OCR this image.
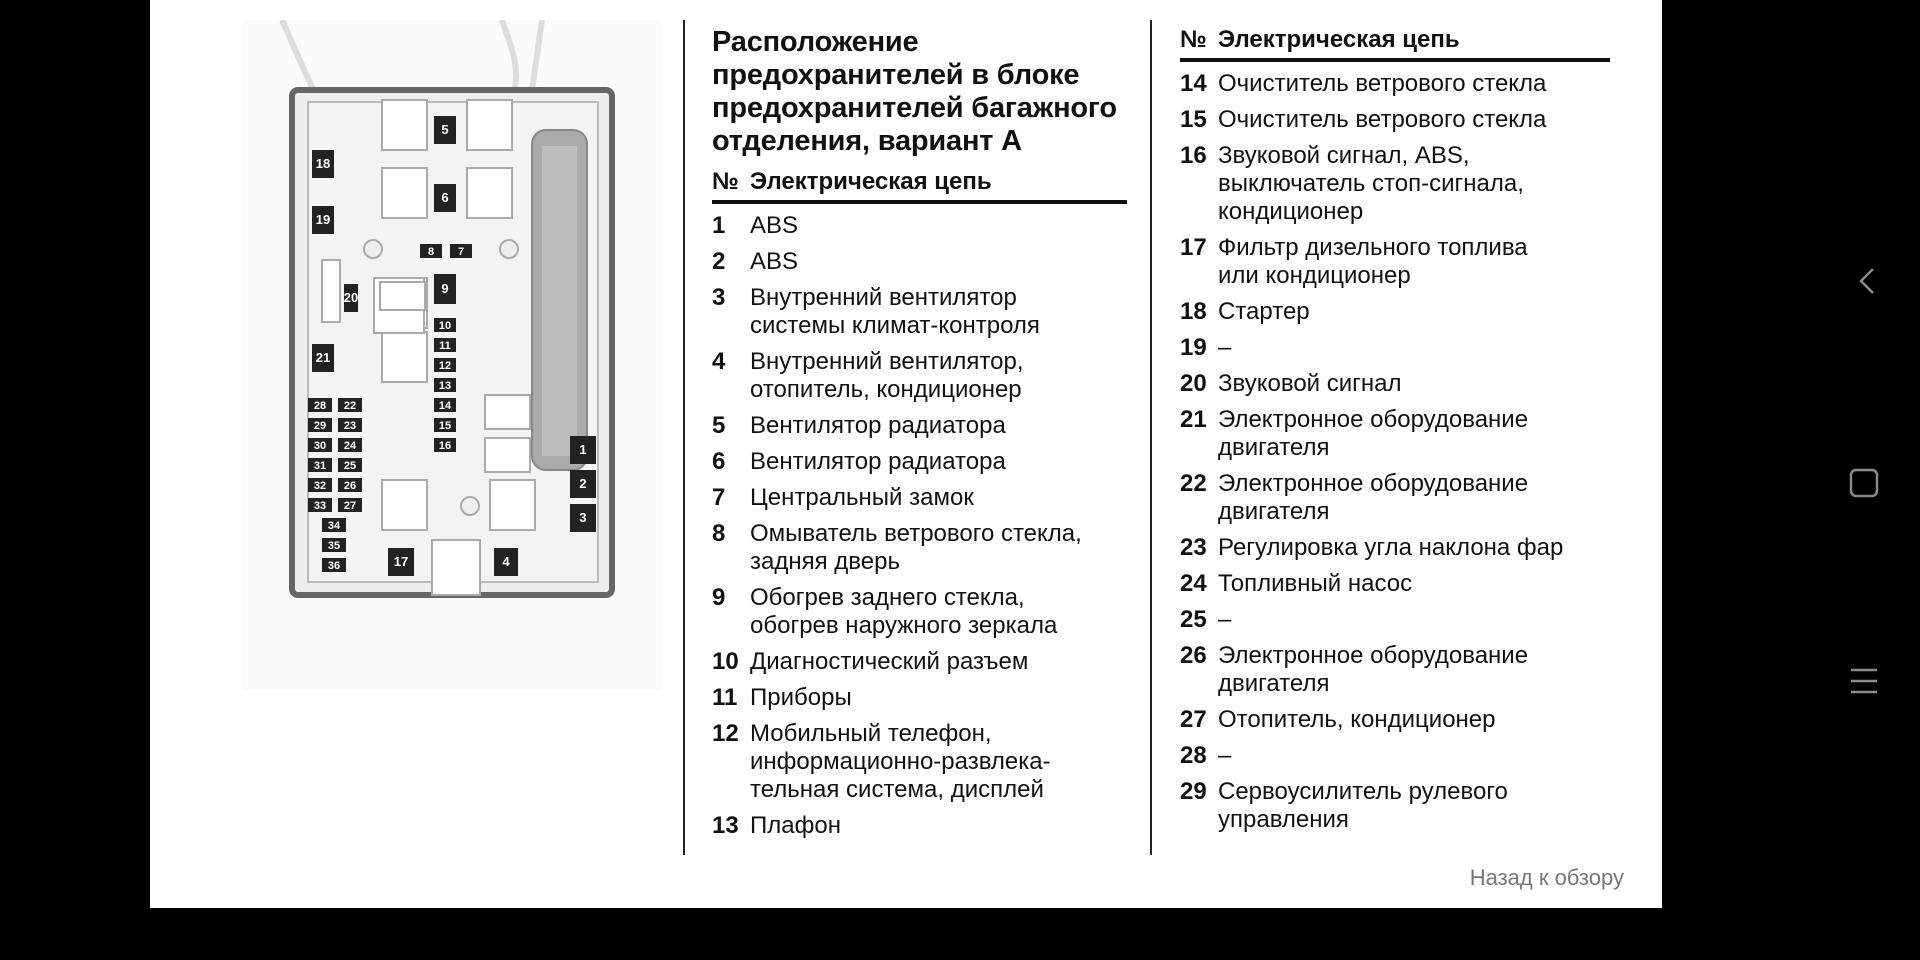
5
6
18
19
8 7
9
20
10
11
12
13
14
15
16
21
28 22
29 23
30 24
31 25
32 26
33 27
34
35
36
1
2
3
4
17
Расположение
предохранителей в блоке
предохранителей багажного
отделения, вариант А
№ Электрическая цепь
1	ABS
2	ABS
3	Внутренний вентилятор
системы климат-контроля
4	Внутренний вентилятор,
отопитель, кондиционер
5	Вентилятор радиатора
6	Вентилятор радиатора
7	Центральный замок
8	Омыватель ветрового стекла,
задняя дверь
9	Обогрев заднего стекла,
обогрев наружного зеркала
10 Диагностический разъем
11 Приборы
12 Мобильный телефон,
информационно-развлека-
тельная система, дисплей
13 Плафон
№ Электрическая цепь
14 Очиститель ветрового стекла
15 Очиститель ветрового стекла
16 Звуковой сигнал, ABS,
выключатель стоп-сигнала,
кондиционер
17 Фильтр дизельного топлива
или кондиционер
18 Стартер
19 –
20 Звуковой сигнал
21 Электронное оборудование
двигателя
22 Электронное оборудование
двигателя
23 Регулировка угла наклона фар
24 Топливный насос
25 –
26 Электронное оборудование
двигателя
27 Отопитель, кондиционер
28 –
29 Сервоусилитель рулевого
управления
Назад к обзору
